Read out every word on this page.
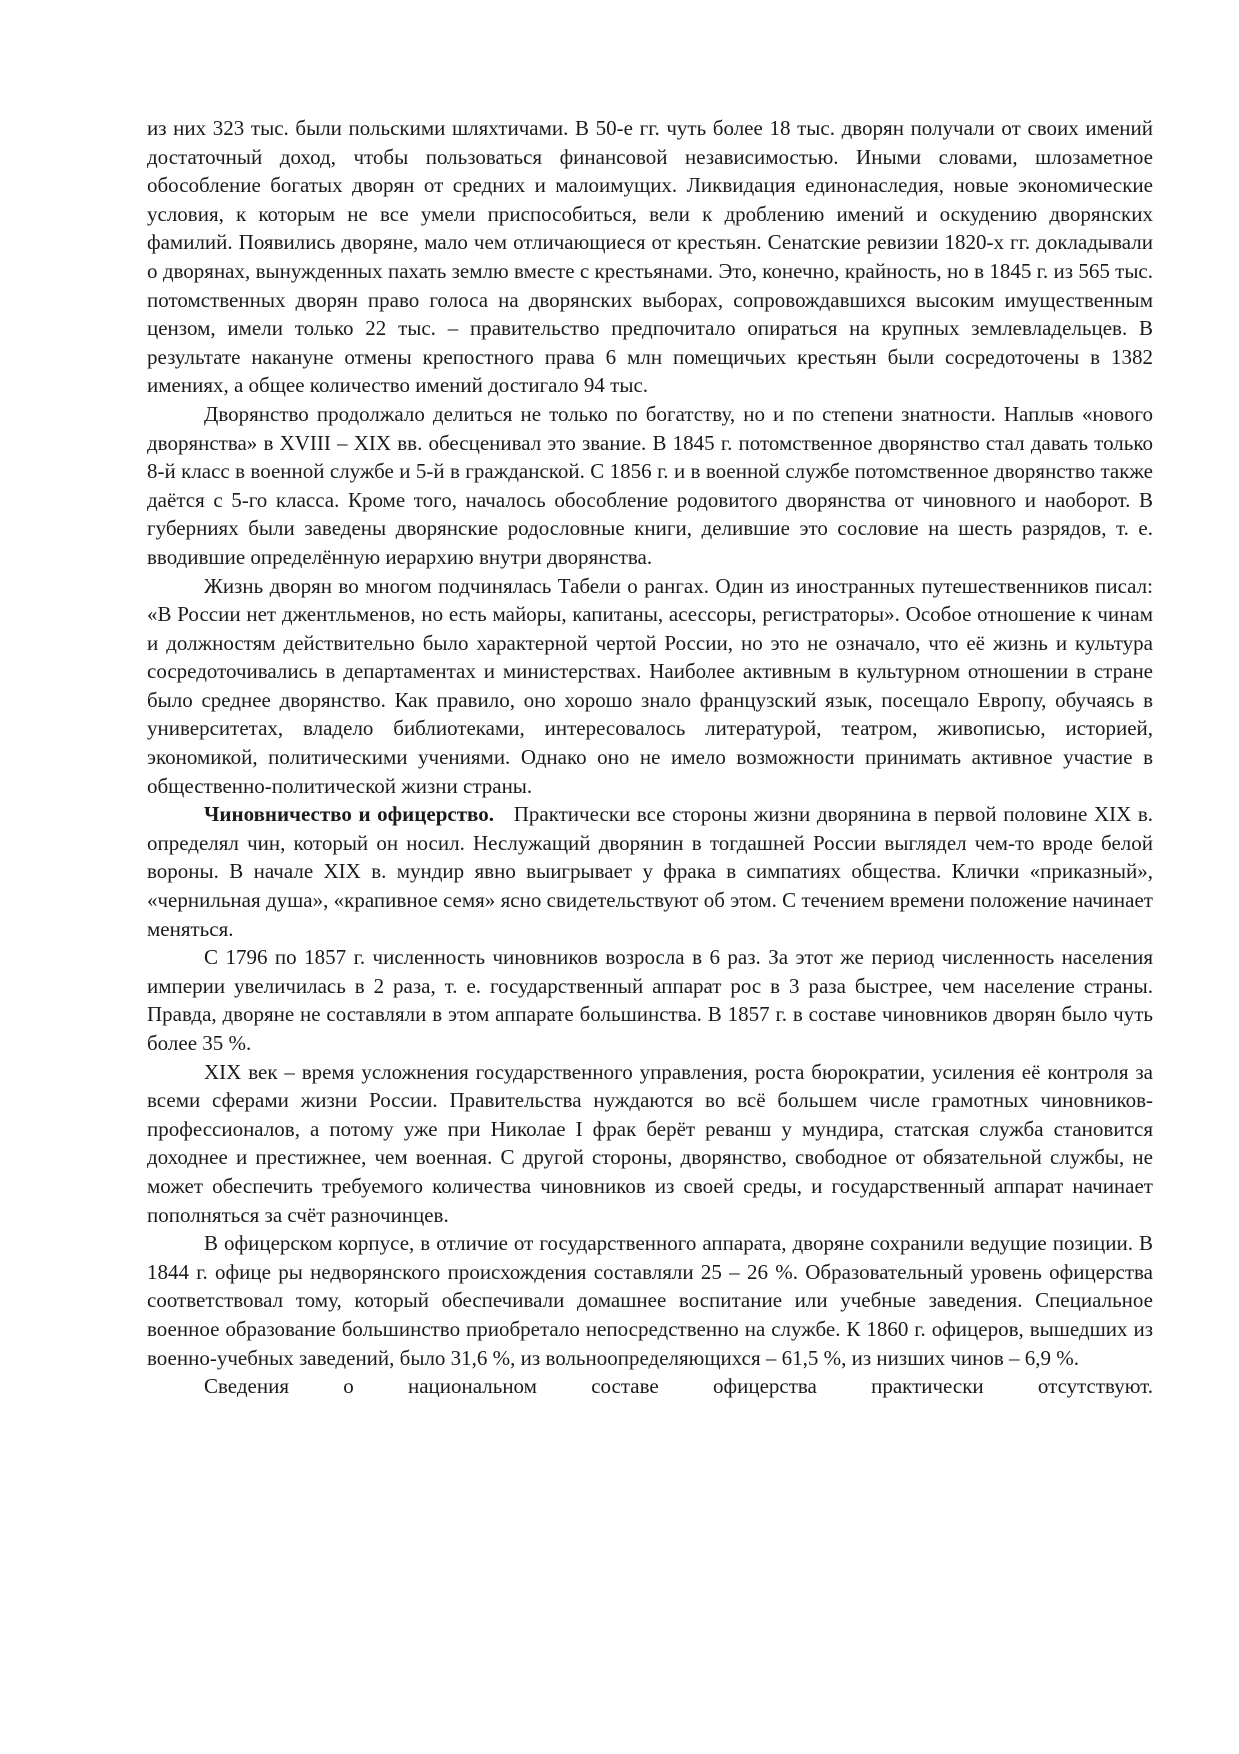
из них 323 тыс. были польскими шляхтичами. В 50-е гг. чуть более 18 тыс. дворян получали от своих имений достаточный доход, чтобы пользоваться финансовой независимостью. Иными словами, шлозаметное обособление богатых дворян от средних и малоимущих. Ликвидация единонаследия, новые экономические условия, к которым не все умели приспособиться, вели к дроблению имений и оскудению дворянских фамилий. Появились дворяне, мало чем отличающиеся от крестьян. Сенатские ревизии 1820-х гг. докладывали о дворянах, вынужденных пахать землю вместе с крестьянами. Это, конечно, крайность, но в 1845 г. из 565 тыс. потомственных дворян право голоса на дворянских выборах, сопровождавшихся высоким имущественным цензом, имели только 22 тыс. – правительство предпочитало опираться на крупных землевладельцев. В результате накануне отмены крепостного права 6 млн помещичьих крестьян были сосредоточены в 1382 имениях, а общее количество имений достигало 94 тыс.

Дворянство продолжало делиться не только по богатству, но и по степени знатности. Наплыв «нового дворянства» в XVIII – XIX вв. обесценивал это звание. В 1845 г. потомственное дворянство стал давать только 8-й класс в военной службе и 5-й в гражданской. С 1856 г. и в военной службе потомственное дворянство также даётся с 5-го класса. Кроме того, началось обособление родовитого дворянства от чиновного и наоборот. В губерниях были заведены дворянские родословные книги, делившие это сословие на шесть разрядов, т. е. вводившие определённую иерархию внутри дворянства.

Жизнь дворян во многом подчинялась Табели о рангах. Один из иностранных путешественников писал: «В России нет джентльменов, но есть майоры, капитаны, асессоры, регистраторы». Особое отношение к чинам и должностям действительно было характерной чертой России, но это не означало, что её жизнь и культура сосредоточивались в департаментах и министерствах. Наиболее активным в культурном отношении в стране было среднее дворянство. Как правило, оно хорошо знало французский язык, посещало Европу, обучаясь в университетах, владело библиотеками, интересовалось литературой, театром, живописью, историей, экономикой, политическими учениями. Однако оно не имело возможности принимать активное участие в общественно-политической жизни страны.

Чиновничество и офицерство. Практически все стороны жизни дворянина в первой половине XIX в. определял чин, который он носил. Неслужащий дворянин в тогдашней России выглядел чем-то вроде белой вороны. В начале XIX в. мундир явно выигрывает у фрака в симпатиях общества. Клички «приказный», «чернильная душа», «крапивное семя» ясно свидетельствуют об этом. С течением времени положение начинает меняться.

С 1796 по 1857 г. численность чиновников возросла в 6 раз. За этот же период численность населения империи увеличилась в 2 раза, т. е. государственный аппарат рос в 3 раза быстрее, чем население страны. Правда, дворяне не составляли в этом аппарате большинства. В 1857 г. в составе чиновников дворян было чуть более 35 %.

XIX век – время усложнения государственного управления, роста бюрократии, усиления её контроля за всеми сферами жизни России. Правительства нуждаются во всё большем числе грамотных чиновников-профессионалов, а потому уже при Николае I фрак берёт реванш у мундира, статская служба становится доходнее и престижнее, чем военная. С другой стороны, дворянство, свободное от обязательной службы, не может обеспечить требуемого количества чиновников из своей среды, и государственный аппарат начинает пополняться за счёт разночинцев.

В офицерском корпусе, в отличие от государственного аппарата, дворяне сохранили ведущие позиции. В 1844 г. офице ры недворянского происхождения составляли 25 – 26 %. Образовательный уровень офицерства соответствовал тому, который обеспечивали домашнее воспитание или учебные заведения. Специальное военное образование большинство приобретало непосредственно на службе. К 1860 г. офицеров, вышедших из военно-учебных заведений, было 31,6 %, из вольноопределяющихся – 61,5 %, из низших чинов – 6,9 %.

Сведения о национальном составе офицерства практически отсутствуют.
